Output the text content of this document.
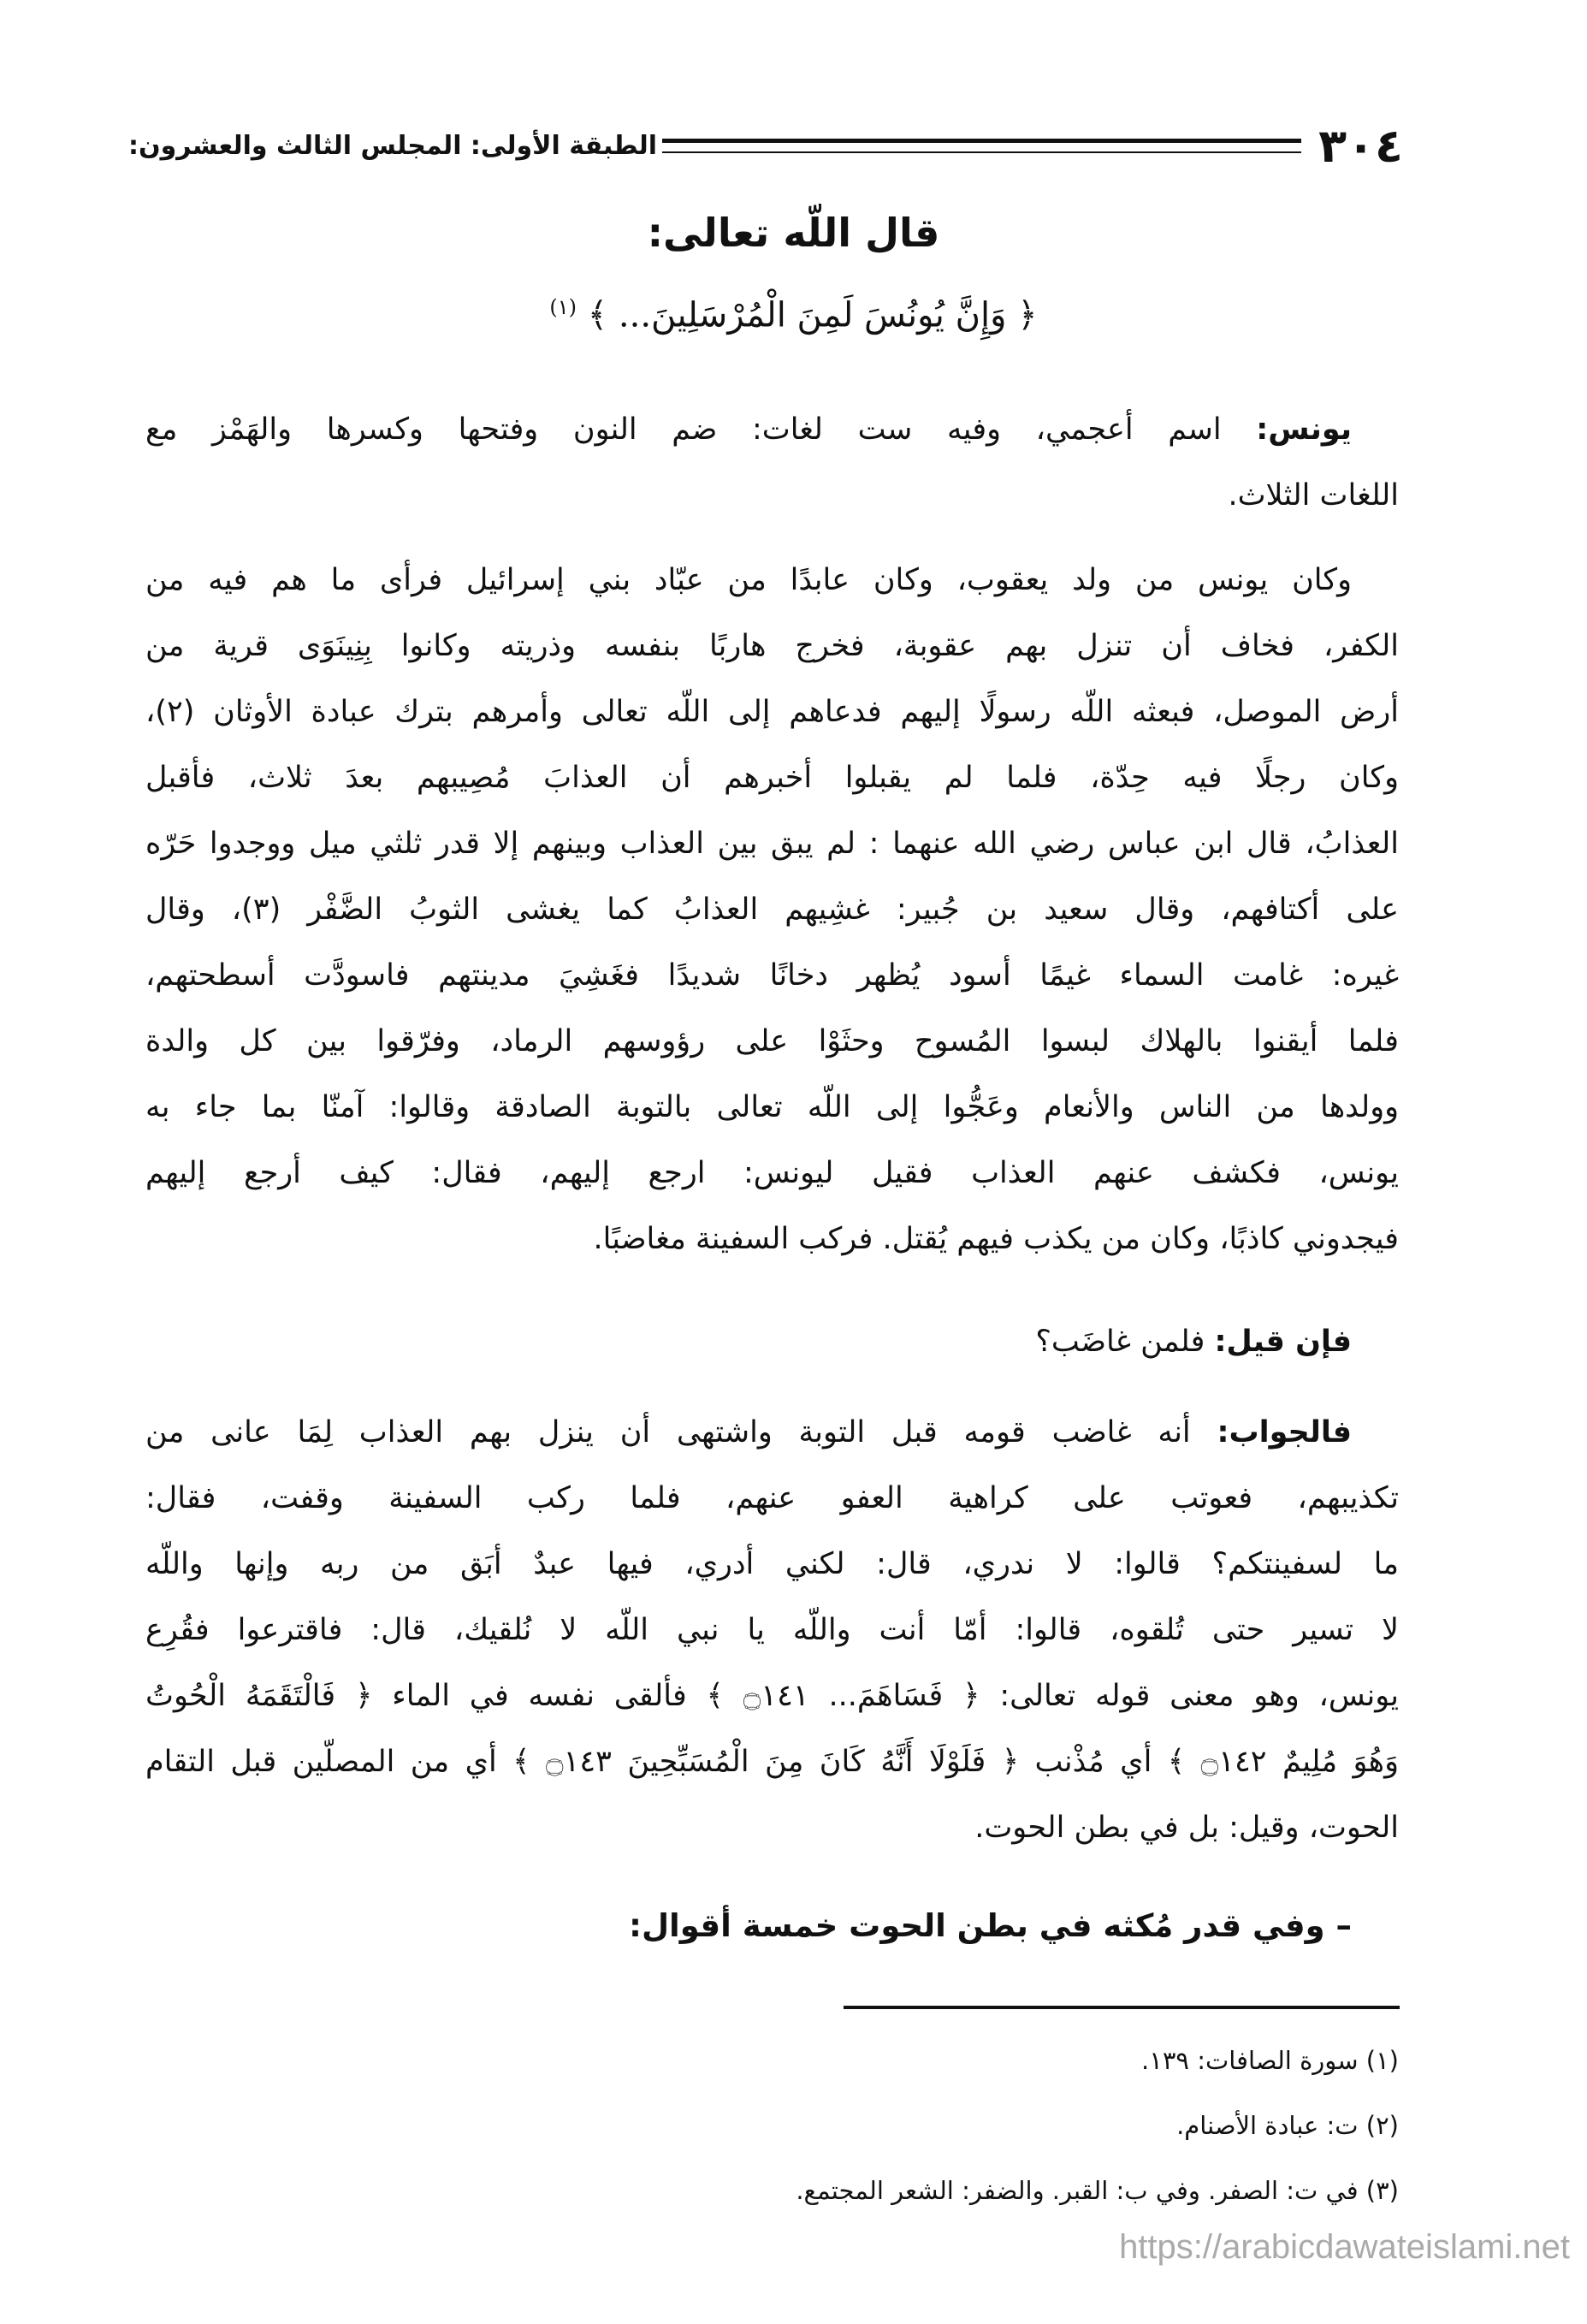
٣٠٤
الطبقة الأولى: المجلس الثالث والعشرون:
قال اللّه تعالى:
﴿ وَإِنَّ يُونُسَ لَمِنَ الْمُرْسَلِينَ... ﴾ $^{(١)}$
يونس: اسم أعجمي، وفيه ست لغات: ضم النون وفتحها وكسرها والهَمْز مع
اللغات الثلاث.
وكان يونس من ولد يعقوب، وكان عابدًا من عبّاد بني إسرائيل فرأى ما هم فيه من
الكفر، فخاف أن تنزل بهم عقوبة، فخرج هاربًا بنفسه وذريته وكانوا بِنِينَوَى قرية من
أرض الموصل، فبعثه اللّه رسولًا إليهم فدعاهم إلى اللّه تعالى وأمرهم بترك عبادة الأوثان (٢)،
وكان رجلًا فيه حِدّة، فلما لم يقبلوا أخبرهم أن العذابَ مُصِيبهم بعدَ ثلاث، فأقبل
العذابُ، قال ابن عباس رضي الله عنهما : لم يبق بين العذاب وبينهم إلا قدر ثلثي ميل ووجدوا حَرّه
على أكتافهم، وقال سعيد بن جُبير: غشِيهم العذابُ كما يغشى الثوبُ الضَّفْر (٣)، وقال
غيره: غامت السماء غيمًا أسود يُظهر دخانًا شديدًا فغَشِيَ مدينتهم فاسودَّت أسطحتهم،
فلما أيقنوا بالهلاك لبسوا المُسوح وحثَوْا على رؤوسهم الرماد، وفرّقوا بين كل والدة
وولدها من الناس والأنعام وعَجُّوا إلى اللّه تعالى بالتوبة الصادقة وقالوا: آمنّا بما جاء به
يونس، فكشف عنهم العذاب فقيل ليونس: ارجع إليهم، فقال: كيف أرجع إليهم
فيجدوني كاذبًا، وكان من يكذب فيهم يُقتل. فركب السفينة مغاضبًا.
فإن قيل: فلمن غاضَب؟
فالجواب: أنه غاضب قومه قبل التوبة واشتهى أن ينزل بهم العذاب لِمَا عانى من
تكذيبهم، فعوتب على كراهية العفو عنهم، فلما ركب السفينة وقفت، فقال:
ما لسفينتكم؟ قالوا: لا ندري، قال: لكني أدري، فيها عبدٌ أبَق من ربه وإنها واللّه
لا تسير حتى تُلقوه، قالوا: أمّا أنت واللّه يا نبي اللّه لا نُلقيك، قال: فاقترعوا فقُرِع
يونس، وهو معنى قوله تعالى: ﴿ فَسَاهَمَ... ۝١٤١ ﴾ فألقى نفسه في الماء ﴿ فَالْتَقَمَهُ الْحُوتُ
وَهُوَ مُلِيمٌ ۝١٤٢ ﴾ أي مُذْنب ﴿ فَلَوْلَا أَنَّهُ كَانَ مِنَ الْمُسَبِّحِينَ ۝١٤٣ ﴾ أي من المصلّين قبل التقام
الحوت، وقيل: بل في بطن الحوت.
– وفي قدر مُكثه في بطن الحوت خمسة أقوال:
(١) سورة الصافات: ١٣٩.
(٢) ت: عبادة الأصنام.
(٣) في ت: الصفر. وفي ب: القبر. والضفر: الشعر المجتمع.
https://arabicdawateislami.net
